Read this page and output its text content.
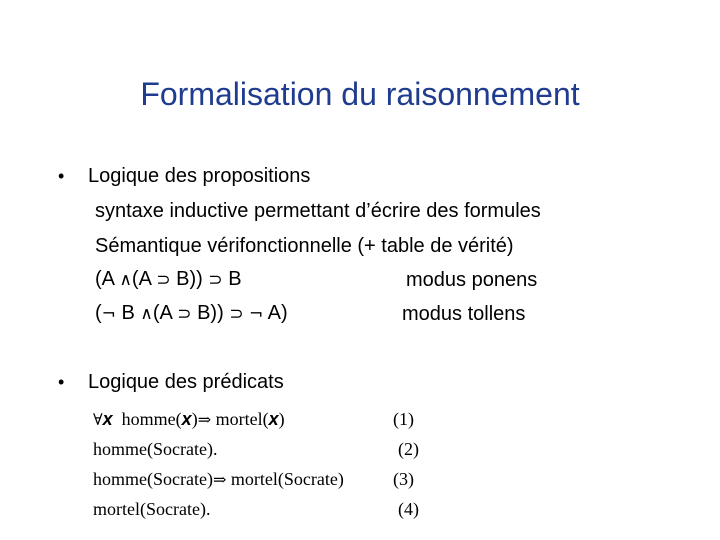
Formalisation du raisonnement
• Logique des propositions
syntaxe inductive permettant d’écrire des formules
Sémantique vérifonctionnelle (+ table de vérité)
(A ∧(A ⊃ B)) ⊃ B	modus ponens
(¬ B ∧(A ⊃ B)) ⊃ ¬ A)	modus tollens
• Logique des prédicats
∀x homme(x)⇒ mortel(x)	(1)
homme(Socrate).	(2)
homme(Socrate)⇒ mortel(Socrate)	(3)
mortel(Socrate).	(4)
